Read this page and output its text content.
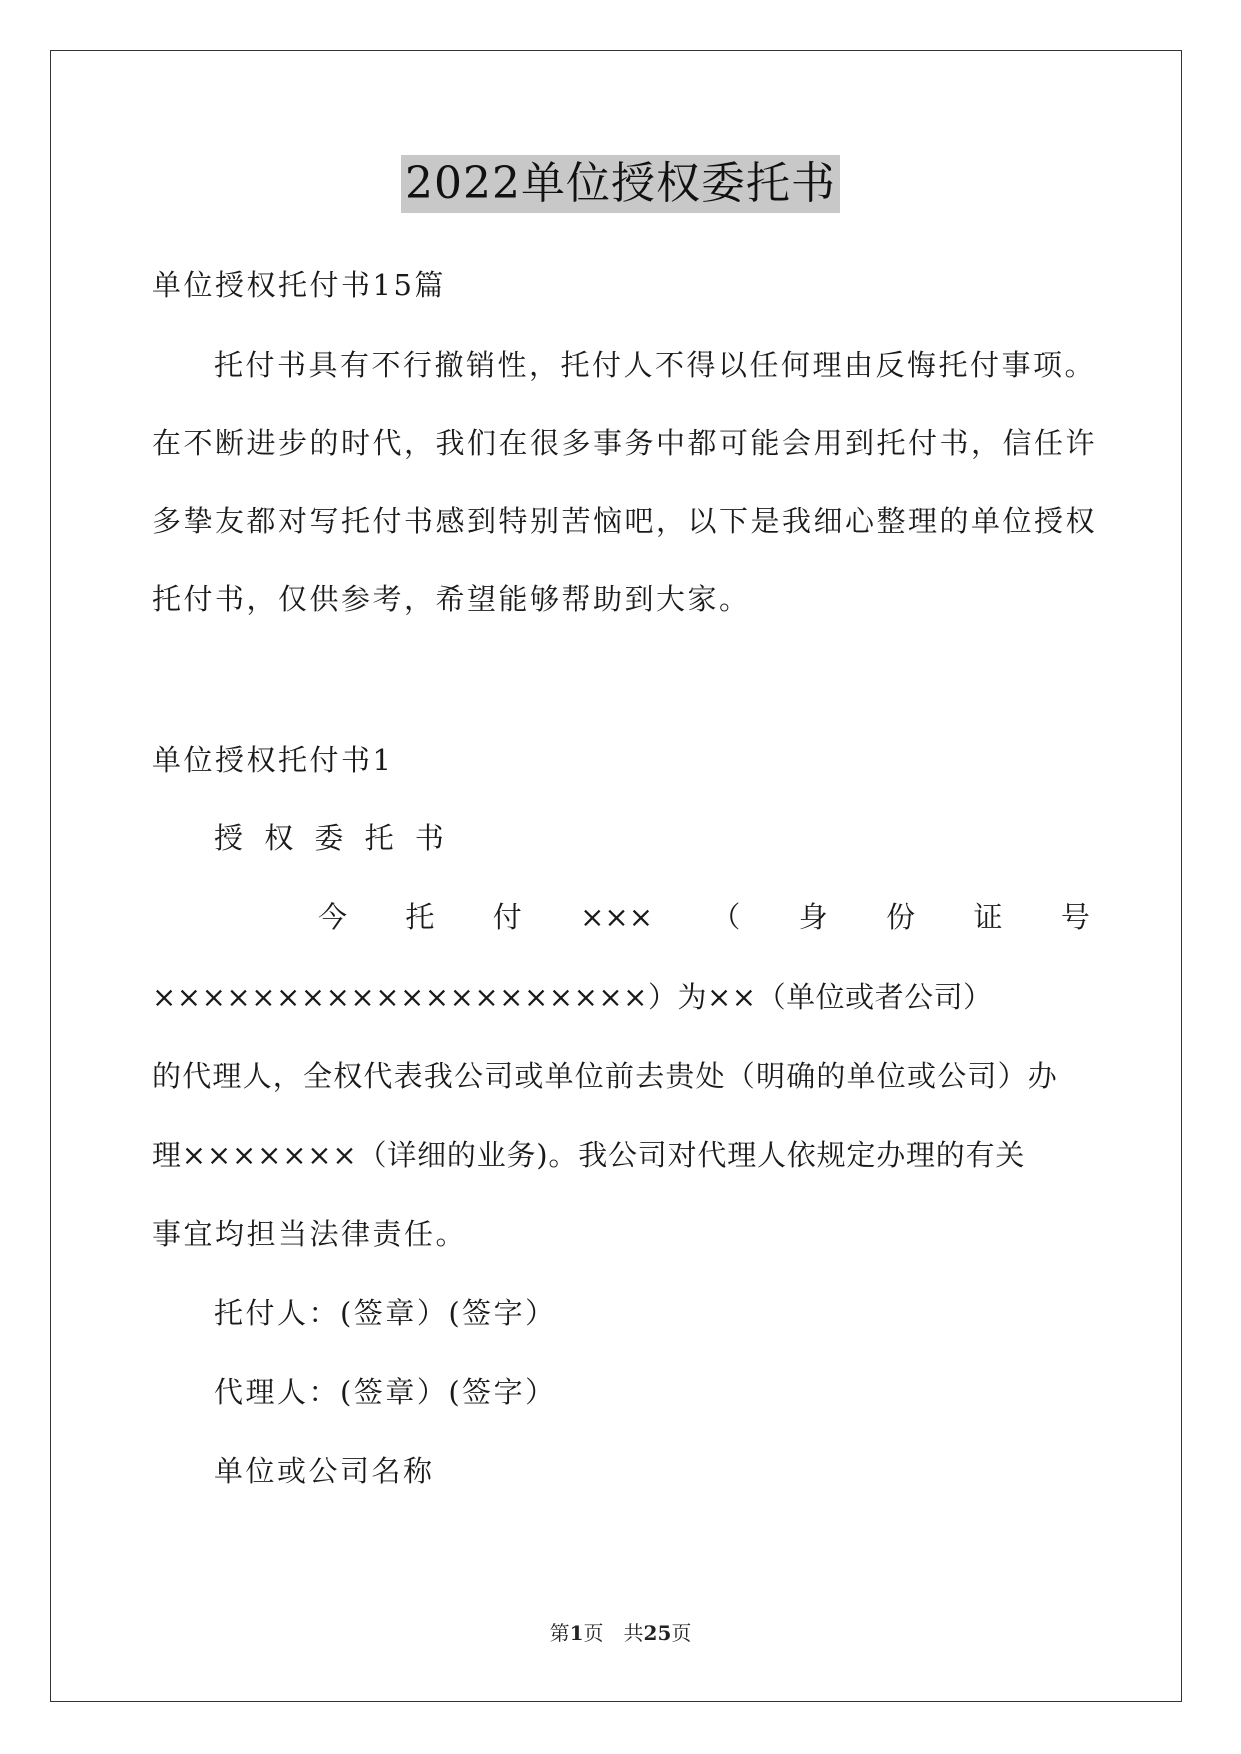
2022单位授权委托书
单位授权托付书15篇
托付书具有不行撤销性，托付人不得以任何理由反悔托付事项。
在不断进步的时代，我们在很多事务中都可能会用到托付书，信任许
多挚友都对写托付书感到特别苦恼吧，以下是我细心整理的单位授权
托付书，仅供参考，希望能够帮助到大家。
单位授权托付书1
授 权 委 托 书
今 托 付 ××× （ 身 份 证 号
××××××××××××××××××××）为××（单位或者公司）
的代理人，全权代表我公司或单位前去贵处（明确的单位或公司）办
理×××××××（详细的业务)。我公司对代理人依规定办理的有关
事宜均担当法律责任。
托付人：(签章）(签字）
代理人：(签章）(签字）
单位或公司名称
第1页　共25页
